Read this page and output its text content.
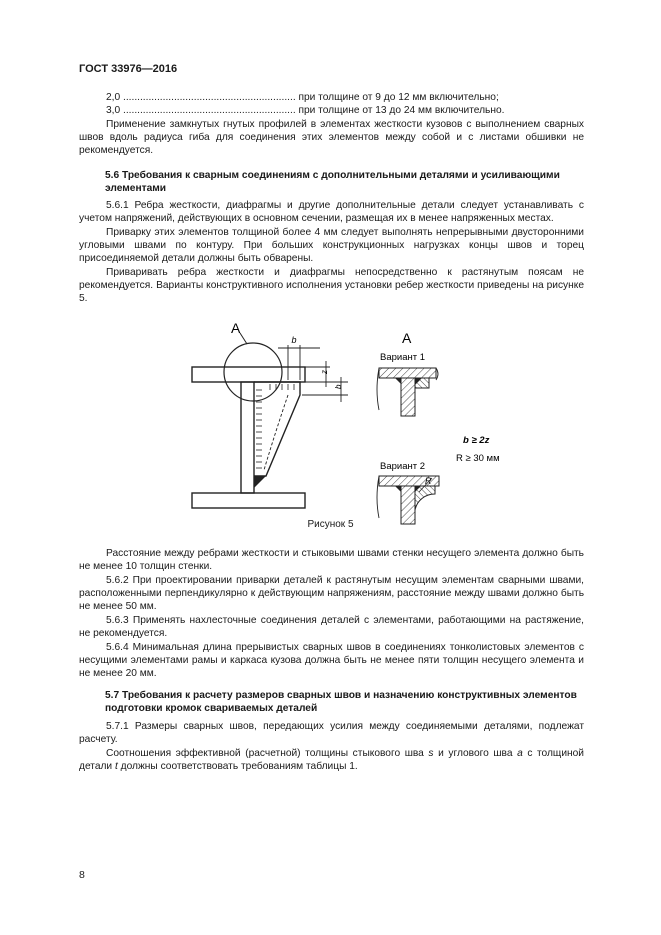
ГОСТ 33976—2016

2,0 ............................................................. при толщине от 9 до 12 мм включительно;

3,0 ............................................................. при толщине от 13 до 24 мм включительно.

Применение замкнутых гнутых профилей в элементах жесткости кузовов с выполнением сварных швов вдоль радиуса гиба для соединения этих элементов между собой и с листами обшивки не рекомендуется.

5.6 Требования к сварным соединениям с дополнительными деталями и усиливающими элементами

5.6.1 Ребра жесткости, диафрагмы и другие дополнительные детали следует устанавливать с учетом напряжений, действующих в основном сечении, размещая их в менее напряженных местах.

Приварку этих элементов толщиной более 4 мм следует выполнять непрерывными двусторонними угловыми швами по контуру. При больших конструкционных нагрузках концы швов и торец присоединяемой детали должны быть обварены.

Приваривать ребра жесткости и диафрагмы непосредственно к растянутым поясам не рекомендуется. Варианты конструктивного исполнения установки ребер жесткости приведены на рисунке 5.

A
b
z
b
A
Вариант 1
b ≥ 2z
R ≥ 30 мм
Вариант 2
R
Рисунок 5

Расстояние между ребрами жесткости и стыковыми швами стенки несущего элемента должно быть не менее 10 толщин стенки.

5.6.2 При проектировании приварки деталей к растянутым несущим элементам сварными швами, расположенными перпендикулярно к действующим напряжениям, расстояние между швами должно быть не менее 50 мм.

5.6.3 Применять нахлесточные соединения деталей с элементами, работающими на растяжение, не рекомендуется.

5.6.4 Минимальная длина прерывистых сварных швов в соединениях тонколистовых элементов с несущими элементами рамы и каркаса кузова должна быть не менее пяти толщин несущего элемента и не менее 20 мм.

5.7 Требования к расчету размеров сварных швов и назначению конструктивных элементов подготовки кромок свариваемых деталей

5.7.1 Размеры сварных швов, передающих усилия между соединяемыми деталями, подлежат расчету.

Соотношения эффективной (расчетной) толщины стыкового шва s и углового шва a с толщиной детали t должны соответствовать требованиям таблицы 1.

8
